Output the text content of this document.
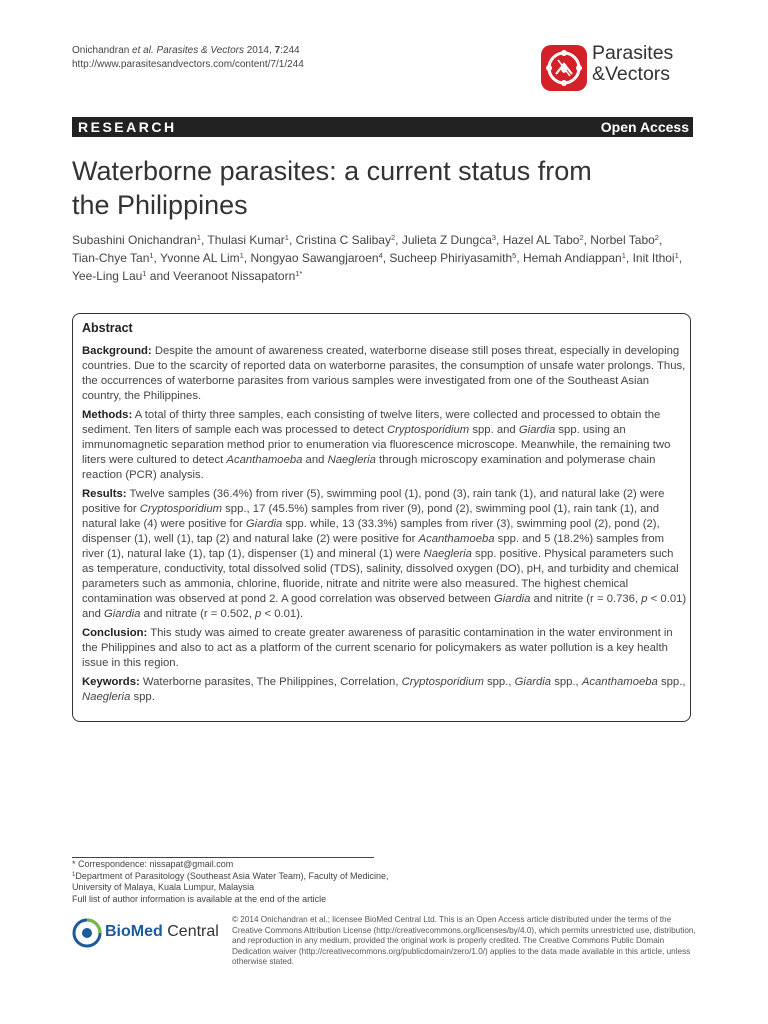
Onichandran et al. Parasites & Vectors 2014, 7:244
http://www.parasitesandvectors.com/content/7/1/244
Parasites
&Vectors
RESEARCH	Open Access
Waterborne parasites: a current status from
the Philippines
Subashini Onichandran$^1$, Thulasi Kumar$^1$, Cristina C Salibay$^2$, Julieta Z Dungca$^3$, Hazel AL Tabo$^2$, Norbel Tabo$^2$,
Tian-Chye Tan$^1$, Yvonne AL Lim$^1$, Nongyao Sawangjaroen$^4$, Sucheep Phiriyasamith$^5$, Hemah Andiappan$^1$, Init Ithoi$^1$,
Yee-Ling Lau$^1$ and Veeranoot Nissapatorn$^{1*}$
Abstract

Background: Despite the amount of awareness created, waterborne disease still poses threat, especially in developing countries. Due to the scarcity of reported data on waterborne parasites, the consumption of unsafe water prolongs. Thus, the occurrences of waterborne parasites from various samples were investigated from one of the Southeast Asian country, the Philippines.

Methods: A total of thirty three samples, each consisting of twelve liters, were collected and processed to obtain the sediment. Ten liters of sample each was processed to detect Cryptosporidium spp. and Giardia spp. using an immunomagnetic separation method prior to enumeration via fluorescence microscope. Meanwhile, the remaining two liters were cultured to detect Acanthamoeba and Naegleria through microscopy examination and polymerase chain reaction (PCR) analysis.

Results: Twelve samples (36.4%) from river (5), swimming pool (1), pond (3), rain tank (1), and natural lake (2) were positive for Cryptosporidium spp., 17 (45.5%) samples from river (9), pond (2), swimming pool (1), rain tank (1), and natural lake (4) were positive for Giardia spp. while, 13 (33.3%) samples from river (3), swimming pool (2), pond (2), dispenser (1), well (1), tap (2) and natural lake (2) were positive for Acanthamoeba spp. and 5 (18.2%) samples from river (1), natural lake (1), tap (1), dispenser (1) and mineral (1) were Naegleria spp. positive. Physical parameters such as temperature, conductivity, total dissolved solid (TDS), salinity, dissolved oxygen (DO), pH, and turbidity and chemical parameters such as ammonia, chlorine, fluoride, nitrate and nitrite were also measured. The highest chemical contamination was observed at pond 2. A good correlation was observed between Giardia and nitrite (r = 0.736, p < 0.01) and Giardia and nitrate (r = 0.502, p < 0.01).

Conclusion: This study was aimed to create greater awareness of parasitic contamination in the water environment in the Philippines and also to act as a platform of the current scenario for policymakers as water pollution is a key health issue in this region.

Keywords: Waterborne parasites, The Philippines, Correlation, Cryptosporidium spp., Giardia spp., Acanthamoeba spp., Naegleria spp.

* Correspondence: nissapat@gmail.com
$^1$Department of Parasitology (Southeast Asia Water Team), Faculty of Medicine, University of Malaya, Kuala Lumpur, Malaysia
Full list of author information is available at the end of the article
BioMed Central
© 2014 Onichandran et al.; licensee BioMed Central Ltd. This is an Open Access article distributed under the terms of the Creative Commons Attribution License (http://creativecommons.org/licenses/by/4.0), which permits unrestricted use, distribution, and reproduction in any medium, provided the original work is properly credited. The Creative Commons Public Domain Dedication waiver (http://creativecommons.org/publicdomain/zero/1.0/) applies to the data made available in this article, unless otherwise stated.
